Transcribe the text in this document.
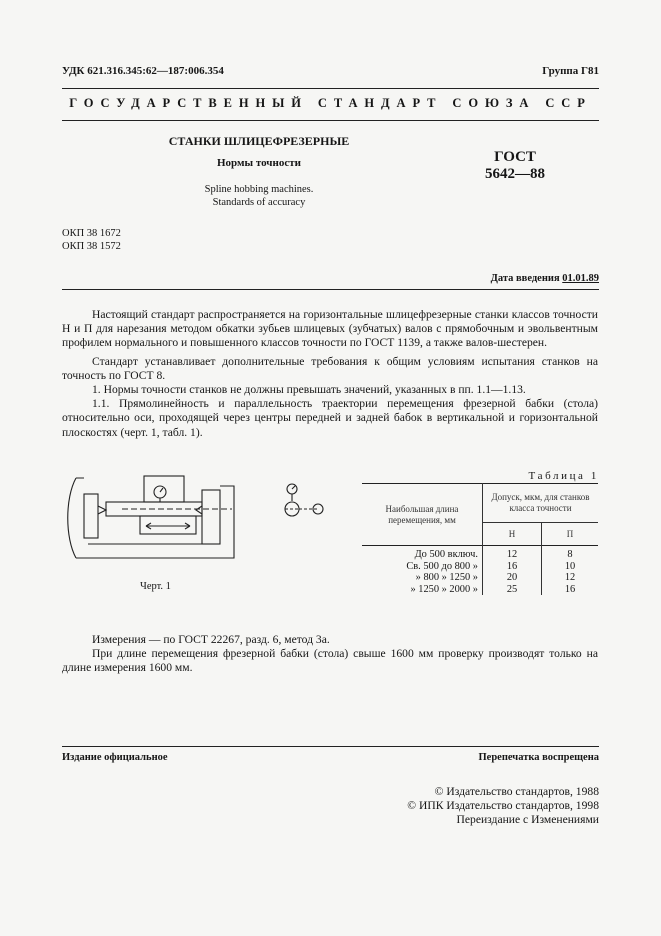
УДК 621.316.345:62—187:006.354	Группа Г81
ГОСУДАРСТВЕННЫЙ СТАНДАРТ СОЮЗА ССР
СТАНКИ ШЛИЦЕФРЕЗЕРНЫЕ
Нормы точности
Spline hobbing machines.
Standards of accuracy
ГОСТ
5642—88
ОКП 38 1672
ОКП 38 1572
Дата введения 01.01.89

Настоящий стандарт распространяется на горизонтальные шлицефрезерные станки классов точности Н и П для нарезания методом обкатки зубьев шлицевых (зубчатых) валов с прямобочным и эвольвентным профилем нормального и повышенного классов точности по ГОСТ 1139, а также валов-шестерен.

Стандарт устанавливает дополнительные требования к общим условиям испытания станков на точность по ГОСТ 8.

1. Нормы точности станков не должны превышать значений, указанных в пп. 1.1—1.13.

1.1. Прямолинейность и параллельность траектории перемещения фрезерной бабки (стола) относительно оси, проходящей через центры передней и задней бабок в вертикальной и горизонтальной плоскостях (черт. 1, табл. 1).

Черт. 1
Таблица 1
Наибольшая длина перемещения, мм	Допуск, мкм, для станков класса точности	
	Н	П
До 500 включ.	12	8
Св. 500 до 800 »	16	10
» 800 » 1250 »	20	12
» 1250 » 2000 »	25	16

Измерения — по ГОСТ 22267, разд. 6, метод 3а.

При длине перемещения фрезерной бабки (стола) свыше 1600 мм проверку производят только на длине измерения 1600 мм.

Издание официальное	Перепечатка воспрещена
© Издательство стандартов, 1988
© ИПК Издательство стандартов, 1998
Переиздание с Изменениями
